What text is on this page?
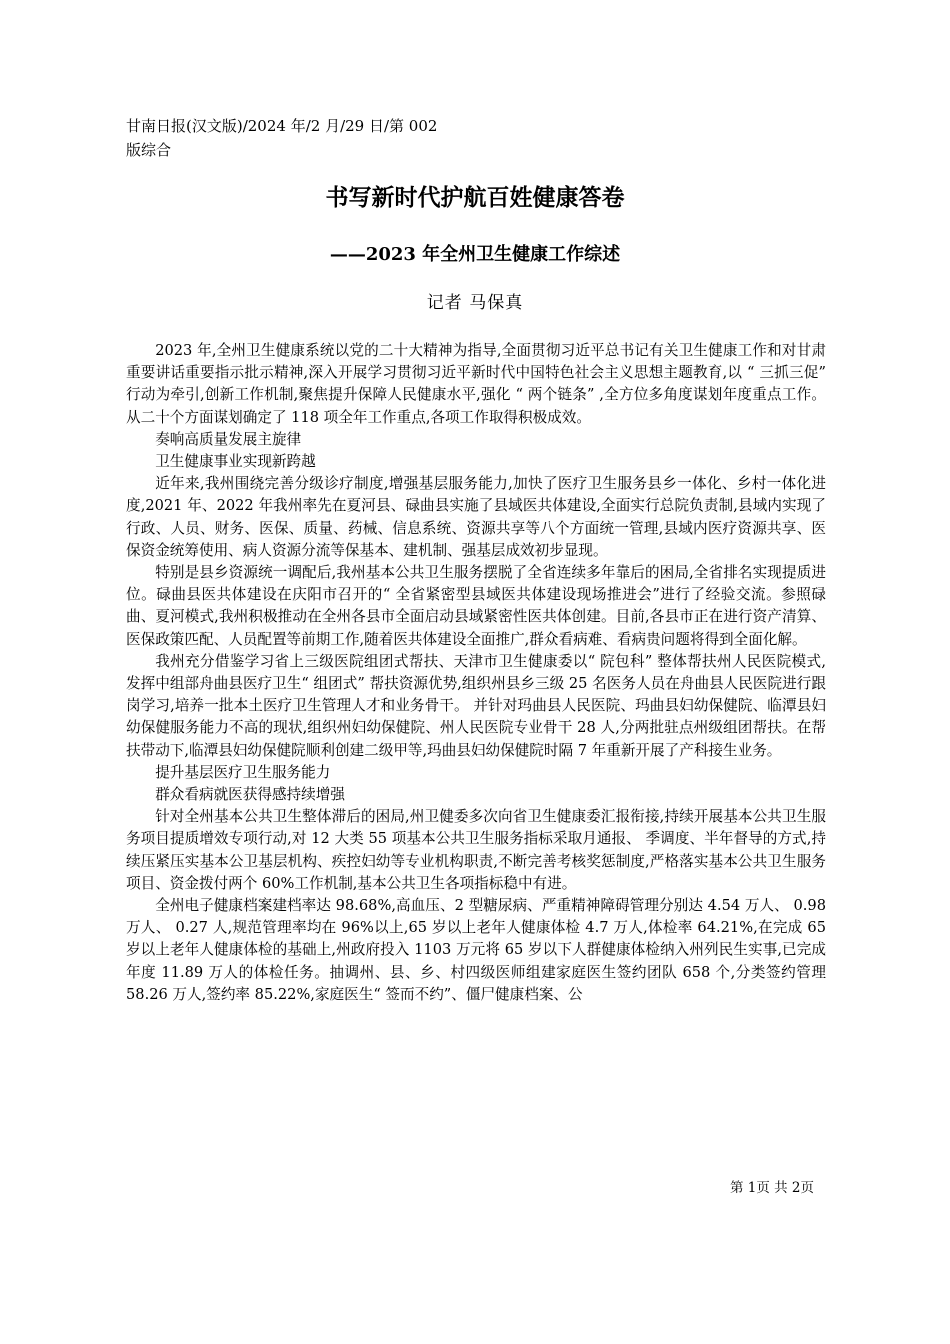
甘南日报(汉文版)/2024 年/2 月/29 日/第 002 版综合
书写新时代护航百姓健康答卷
——2023 年全州卫生健康工作综述
记者 马保真

2023 年,全州卫生健康系统以党的二十大精神为指导,全面贯彻习近平总书记有关卫生健康工作和对甘肃重要讲话重要指示批示精神,深入开展学习贯彻习近平新时代中国特色社会主义思想主题教育,以 “ 三抓三促” 行动为牵引,创新工作机制,聚焦提升保障人民健康水平,强化 “ 两个链条” ,全方位多角度谋划年度重点工作。 从二十个方面谋划确定了 118 项全年工作重点,各项工作取得积极成效。

奏响高质量发展主旋律

卫生健康事业实现新跨越

近年来,我州围绕完善分级诊疗制度,增强基层服务能力,加快了医疗卫生服务县乡一体化、乡村一体化进度,2021 年、2022 年我州率先在夏河县、碌曲县实施了县域医共体建设,全面实行总院负责制,县域内实现了行政、人员、财务、医保、质量、药械、信息系统、资源共享等八个方面统一管理,县域内医疗资源共享、医保资金统筹使用、病人资源分流等保基本、建机制、强基层成效初步显现。

特别是县乡资源统一调配后,我州基本公共卫生服务摆脱了全省连续多年靠后的困局,全省排名实现提质进位。碌曲县医共体建设在庆阳市召开的“ 全省紧密型县域医共体建设现场推进会”进行了经验交流。参照碌曲、夏河模式,我州积极推动在全州各县市全面启动县域紧密性医共体创建。目前,各县市正在进行资产清算、医保政策匹配、人员配置等前期工作,随着医共体建设全面推广,群众看病难、看病贵问题将得到全面化解。

我州充分借鉴学习省上三级医院组团式帮扶、天津市卫生健康委以“ 院包科” 整体帮扶州人民医院模式,发挥中组部舟曲县医疗卫生“ 组团式” 帮扶资源优势,组织州县乡三级 25 名医务人员在舟曲县人民医院进行跟岗学习,培养一批本土医疗卫生管理人才和业务骨干。 并针对玛曲县人民医院、玛曲县妇幼保健院、临潭县妇幼保健服务能力不高的现状,组织州妇幼保健院、州人民医院专业骨干 28 人,分两批驻点州级组团帮扶。在帮扶带动下,临潭县妇幼保健院顺利创建二级甲等,玛曲县妇幼保健院时隔 7 年重新开展了产科接生业务。

提升基层医疗卫生服务能力

群众看病就医获得感持续增强

针对全州基本公共卫生整体滞后的困局,州卫健委多次向省卫生健康委汇报衔接,持续开展基本公共卫生服务项目提质增效专项行动,对 12 大类 55 项基本公共卫生服务指标采取月通报、 季调度、半年督导的方式,持续压紧压实基本公卫基层机构、疾控妇幼等专业机构职责,不断完善考核奖惩制度,严格落实基本公共卫生服务项目、资金拨付两个 60%工作机制,基本公共卫生各项指标稳中有进。

全州电子健康档案建档率达 98.68%,高血压、2 型糖尿病、严重精神障碍管理分别达 4.54 万人、 0.98 万人、 0.27 人,规范管理率均在 96%以上,65 岁以上老年人健康体检 4.7 万人,体检率 64.21%,在完成 65 岁以上老年人健康体检的基础上,州政府投入 1103 万元将 65 岁以下人群健康体检纳入州列民生实事,已完成年度 11.89 万人的体检任务。抽调州、县、乡、村四级医师组建家庭医生签约团队 658 个,分类签约管理 58.26 万人,签约率 85.22%,家庭医生“ 签而不约”、僵尸健康档案、公

第 1页 共 2页
